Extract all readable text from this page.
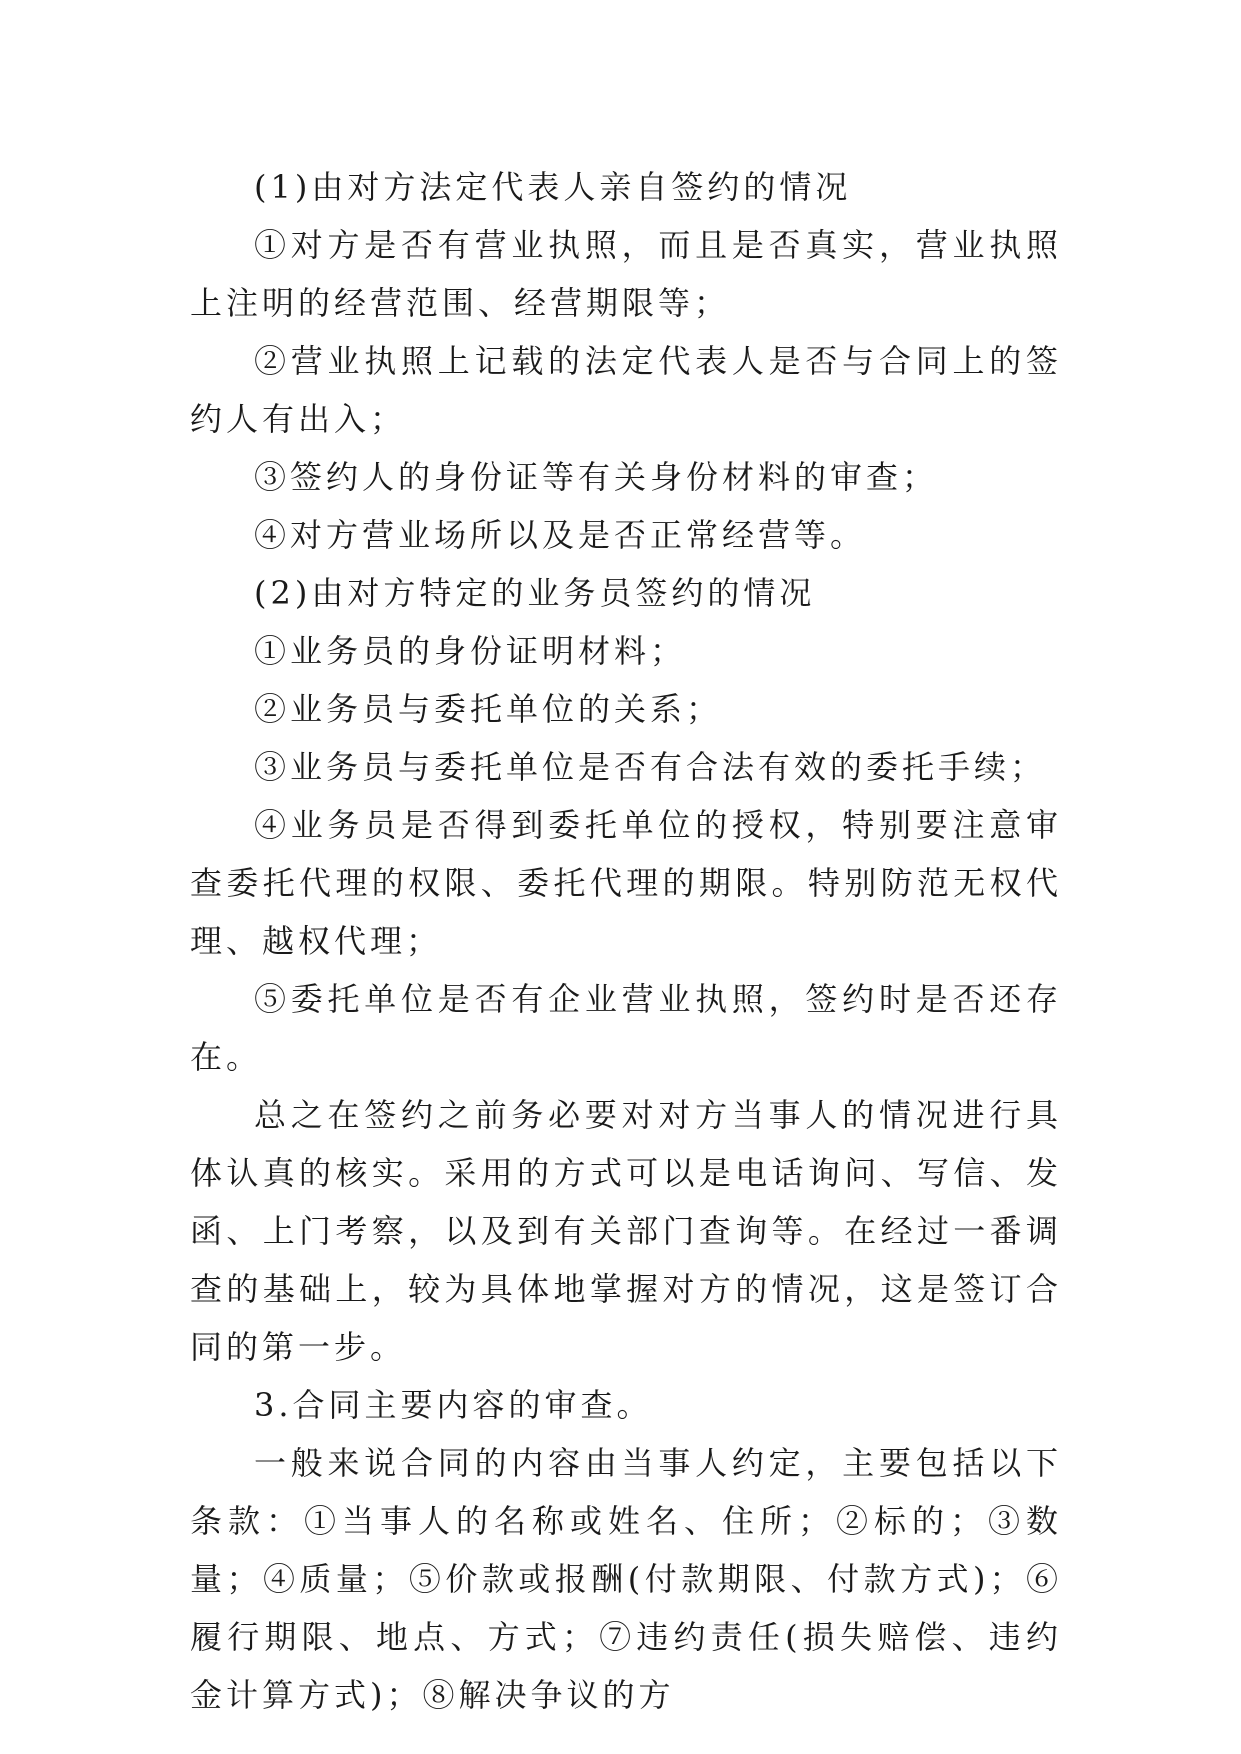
(1)由对方法定代表人亲自签约的情况

①对方是否有营业执照，而且是否真实，营业执照上注明的经营范围、经营期限等；

②营业执照上记载的法定代表人是否与合同上的签约人有出入；

③签约人的身份证等有关身份材料的审查；

④对方营业场所以及是否正常经营等。

(2)由对方特定的业务员签约的情况

①业务员的身份证明材料；

②业务员与委托单位的关系；

③业务员与委托单位是否有合法有效的委托手续；

④业务员是否得到委托单位的授权，特别要注意审查委托代理的权限、委托代理的期限。特别防范无权代理、越权代理；

⑤委托单位是否有企业营业执照，签约时是否还存在。

总之在签约之前务必要对对方当事人的情况进行具体认真的核实。采用的方式可以是电话询问、写信、发函、上门考察，以及到有关部门查询等。在经过一番调查的基础上，较为具体地掌握对方的情况，这是签订合同的第一步。

3.合同主要内容的审查。

一般来说合同的内容由当事人约定，主要包括以下条款：①当事人的名称或姓名、住所；②标的；③数量；④质量；⑤价款或报酬(付款期限、付款方式)；⑥履行期限、地点、方式；⑦违约责任(损失赔偿、违约金计算方式)；⑧解决争议的方
